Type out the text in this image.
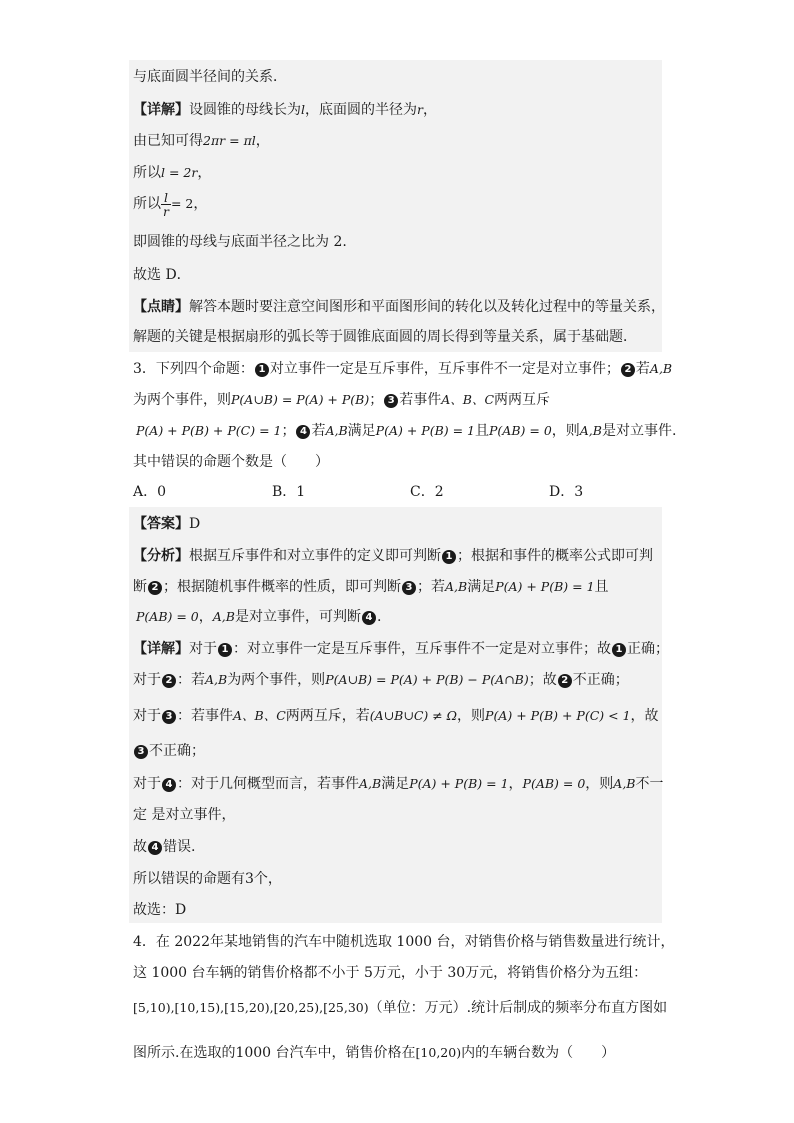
与底面圆半径间的关系．
【详解】设圆锥的母线长为l，底面圆的半径为r，
由已知可得2πr = πl，
所以l = 2r，
所以 $\frac{l}{r} = 2$，
即圆锥的母线与底面半径之比为 2.
故选 D．
【点睛】解答本题时要注意空间图形和平面图形间的转化以及转化过程中的等量关系，
解题的关键是根据扇形的弧长等于圆锥底面圆的周长得到等量关系，属于基础题．
3．下列四个命题： 1 对立事件一定是互斥事件，互斥事件不一定是对立事件； 2 若A,B
为两个事件，则P(A∪B) = P(A) + P(B)； 3 若事件A、B、C两两互斥
P(A) + P(B) + P(C) = 1； 4 若A,B满足P(A) + P(B) = 1且P(AB) = 0，则A,B是对立事件.
其中错误的命题个数是（　　）
A．0	B．1	C．2	D．3
【答案】D
【分析】根据互斥事件和对立事件的定义即可判断 1 ；根据和事件的概率公式即可判
断 2 ；根据随机事件概率的性质，即可判断 3 ；若A,B满足P(A) + P(B) = 1且
P(AB) = 0，A,B是对立事件，可判断 4 .
【详解】对于 1 ：对立事件一定是互斥事件，互斥事件不一定是对立事件；故 1 正确；
对于 2 ：若A,B为两个事件，则P(A∪B) = P(A) + P(B) − P(A∩B)；故 2 不正确；
对于 3 ：若事件A、B、C两两互斥，若(A∪B∪C) ≠ Ω，则P(A) + P(B) + P(C) < 1，故
3 不正确；
对于 4 ：对于几何概型而言，若事件A,B满足P(A) + P(B) = 1，P(AB) = 0，则A,B不一
定 是对立事件，
故 4 错误.
所以错误的命题有3个，
故选：D
4．在 2022年某地销售的汽车中随机选取 1000 台，对销售价格与销售数量进行统计，
这 1000 台车辆的销售价格都不小于 5万元，小于 30万元，将销售价格分为五组：
[5,10),[10,15),[15,20),[20,25),[25,30)（单位：万元）.统计后制成的频率分布直方图如
图所示.在选取的1000 台汽车中，销售价格在[10,20)内的车辆台数为（　　）
